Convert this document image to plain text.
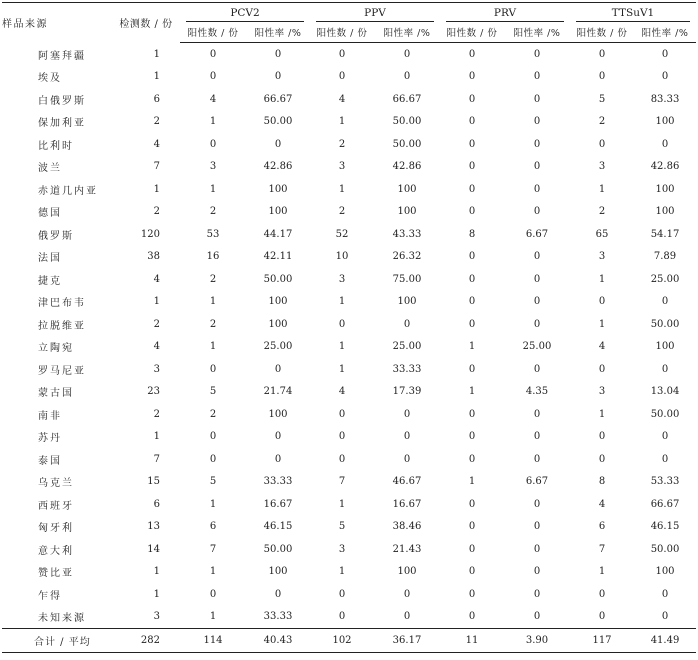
样品来源	检测数 / 份	PCV2		PPV		PRV		TTSuV1	
		阳性数 / 份	阳性率 /%	阳性数 / 份	阳性率 /%	阳性数 / 份	阳性率 /%	阳性数 / 份	阳性率 /%
阿塞拜疆	1	0	0	0	0	0	0	0	0
埃及	1	0	0	0	0	0	0	0	0
白俄罗斯	6	4	66.67	4	66.67	0	0	5	83.33
保加利亚	2	1	50.00	1	50.00	0	0	2	100
比利时	4	0	0	2	50.00	0	0	0	0
波兰	7	3	42.86	3	42.86	0	0	3	42.86
赤道几内亚	1	1	100	1	100	0	0	1	100
德国	2	2	100	2	100	0	0	2	100
俄罗斯	120	53	44.17	52	43.33	8	6.67	65	54.17
法国	38	16	42.11	10	26.32	0	0	3	7.89
捷克	4	2	50.00	3	75.00	0	0	1	25.00
津巴布韦	1	1	100	1	100	0	0	0	0
拉脱维亚	2	2	100	0	0	0	0	1	50.00
立陶宛	4	1	25.00	1	25.00	1	25.00	4	100
罗马尼亚	3	0	0	1	33.33	0	0	0	0
蒙古国	23	5	21.74	4	17.39	1	4.35	3	13.04
南非	2	2	100	0	0	0	0	1	50.00
苏丹	1	0	0	0	0	0	0	0	0
泰国	7	0	0	0	0	0	0	0	0
乌克兰	15	5	33.33	7	46.67	1	6.67	8	53.33
西班牙	6	1	16.67	1	16.67	0	0	4	66.67
匈牙利	13	6	46.15	5	38.46	0	0	6	46.15
意大利	14	7	50.00	3	21.43	0	0	7	50.00
赞比亚	1	1	100	1	100	0	0	1	100
乍得	1	0	0	0	0	0	0	0	0
未知来源	3	1	33.33	0	0	0	0	0	0
合计 / 平均	282	114	40.43	102	36.17	11	3.90	117	41.49
